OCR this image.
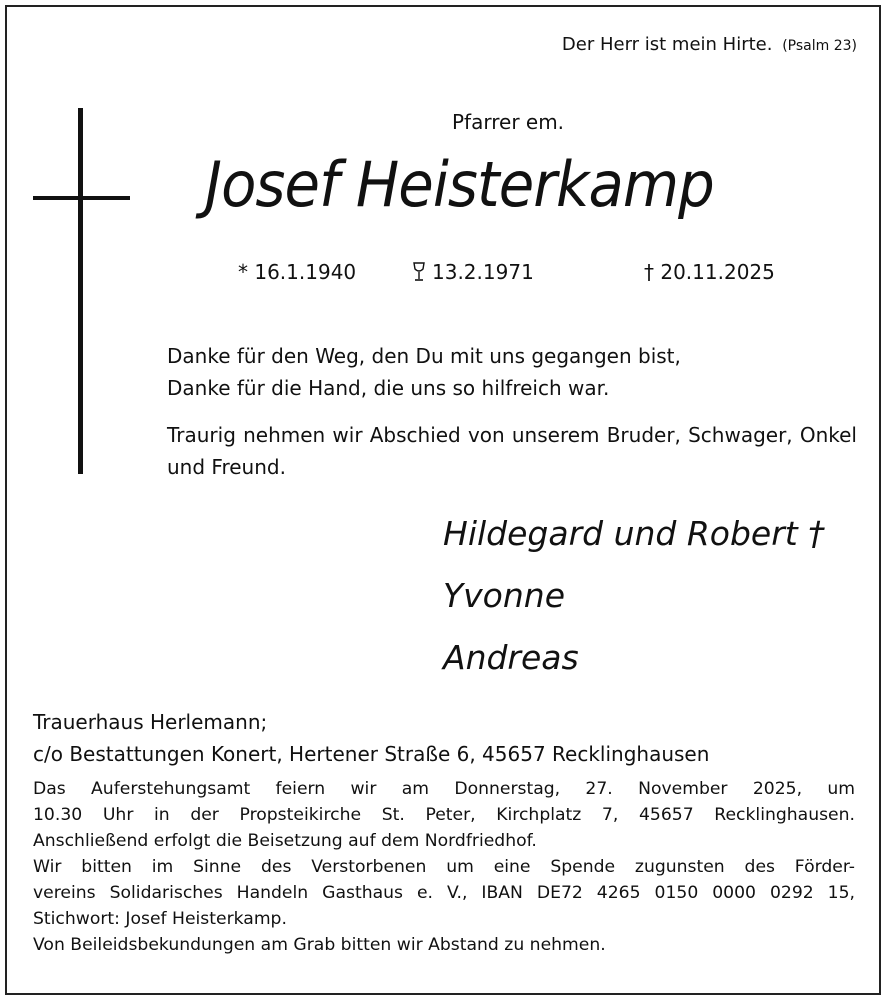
Der Herr ist mein Hirte. (Psalm 23)
Pfarrer em.
Josef Heisterkamp
* 16.1.1940	13.2.1971	† 20.11.2025
Danke für den Weg, den Du mit uns gegangen bist,
Danke für die Hand, die uns so hilfreich war.
Traurig nehmen wir Abschied von unserem Bruder, Schwager, Onkel und Freund.
Hildegard und Robert †
Yvonne
Andreas
Trauerhaus Herlemann;
c/o Bestattungen Konert, Hertener Straße 6, 45657 Recklinghausen
Das Auferstehungsamt feiern wir am Donnerstag, 27. November 2025, um
10.30 Uhr in der Propsteikirche St. Peter, Kirchplatz 7, 45657 Recklinghausen.
Anschließend erfolgt die Beisetzung auf dem Nordfriedhof.
Wir bitten im Sinne des Verstorbenen um eine Spende zugunsten des Förder-
vereins Solidarisches Handeln Gasthaus e. V., IBAN DE72 4265 0150 0000 0292 15,
Stichwort: Josef Heisterkamp.
Von Beileidsbekundungen am Grab bitten wir Abstand zu nehmen.
